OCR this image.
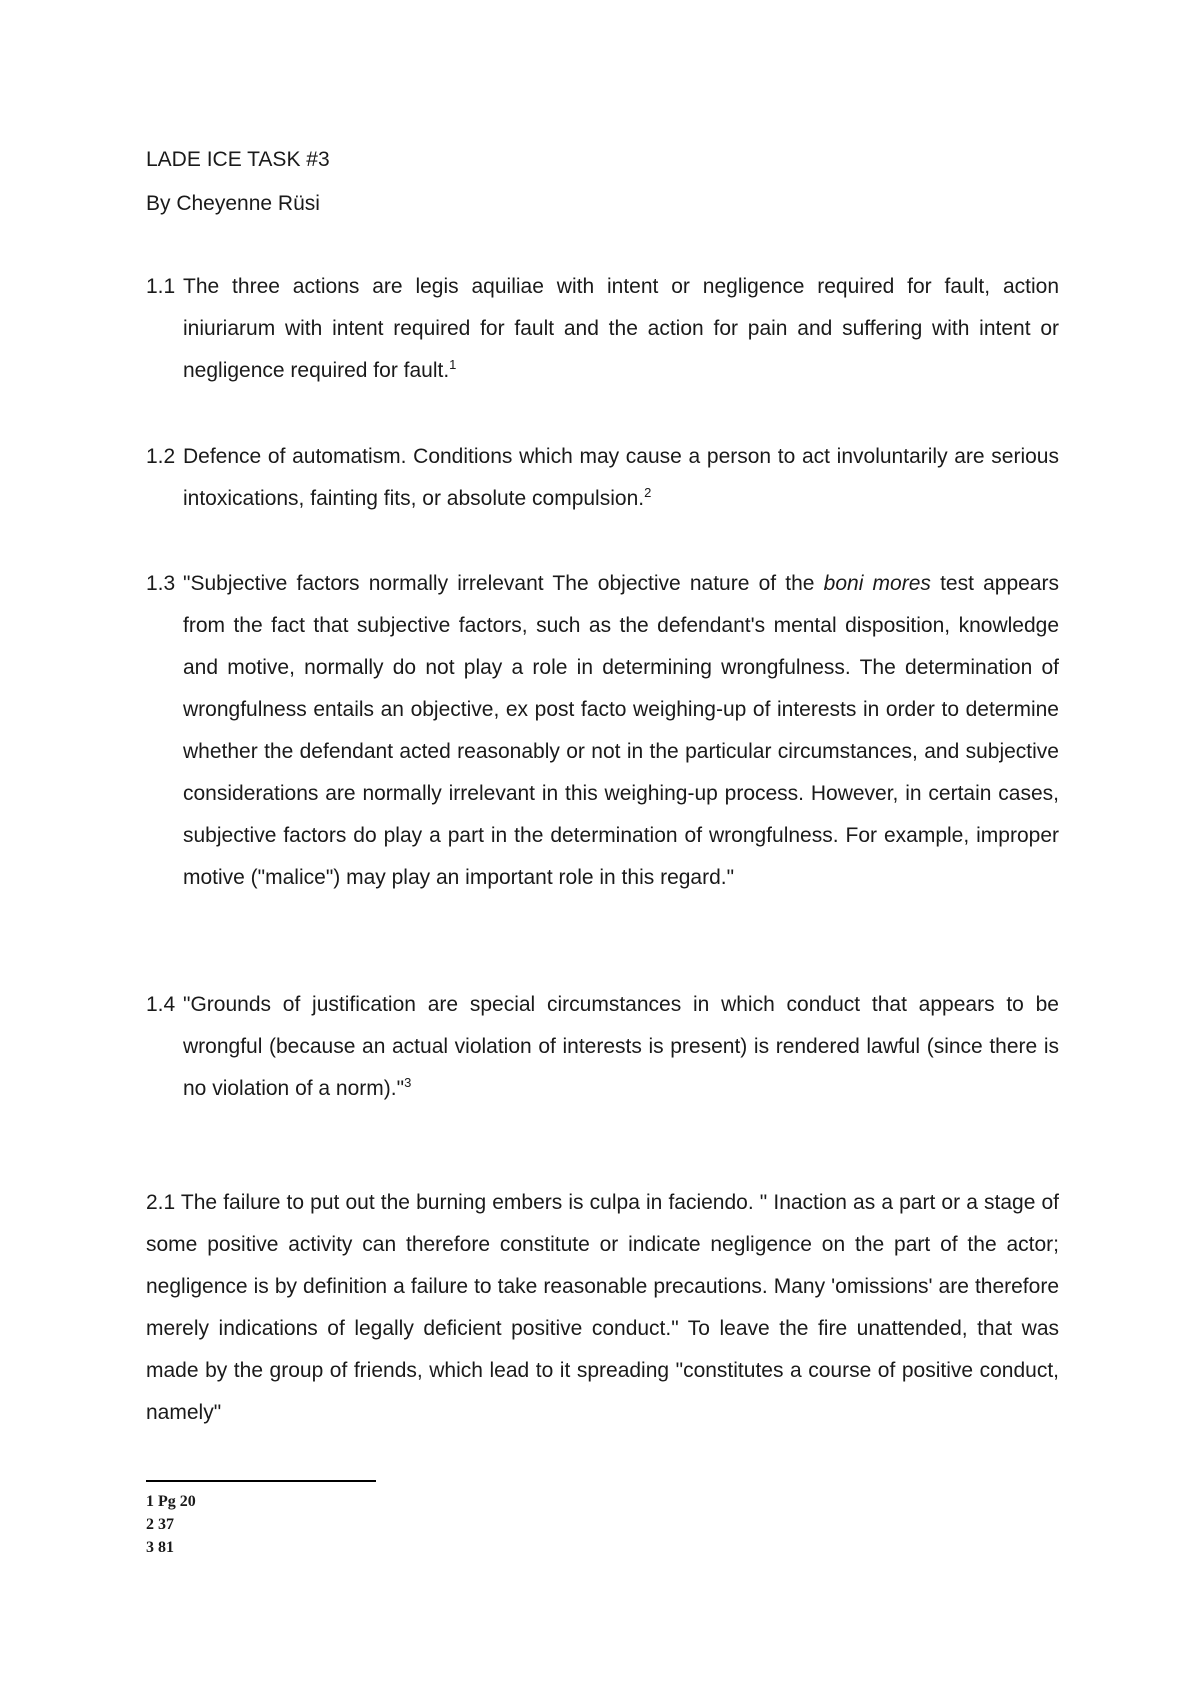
LADE ICE TASK #3
By Cheyenne Rüsi
1.1 The three actions are legis aquiliae with intent or negligence required for fault, action iniuriarum with intent required for fault and the action for pain and suffering with intent or negligence required for fault.$^1$
1.2 Defence of automatism. Conditions which may cause a person to act involuntarily are serious intoxications, fainting fits, or absolute compulsion.$^2$
1.3 "Subjective factors normally irrelevant The objective nature of the boni mores test appears from the fact that subjective factors, such as the defendant's mental disposition, knowledge and motive, normally do not play a role in determining wrongfulness. The determination of wrongfulness entails an objective, ex post facto weighing-up of interests in order to determine whether the defendant acted reasonably or not in the particular circumstances, and subjective considerations are normally irrelevant in this weighing-up process. However, in certain cases, subjective factors do play a part in the determination of wrongfulness. For example, improper motive ("malice") may play an important role in this regard."
1.4 "Grounds of justification are special circumstances in which conduct that appears to be wrongful (because an actual violation of interests is present) is rendered lawful (since there is no violation of a norm)."$^3$
2.1 The failure to put out the burning embers is culpa in faciendo. " Inaction as a part or a stage of some positive activity can therefore constitute or indicate negligence on the part of the actor; negligence is by definition a failure to take reasonable precautions. Many 'omissions' are therefore merely indications of legally deficient positive conduct." To leave the fire unattended, that was made by the group of friends, which lead to it spreading "constitutes a course of positive conduct, namely"
1 Pg 20
2 37
3 81
